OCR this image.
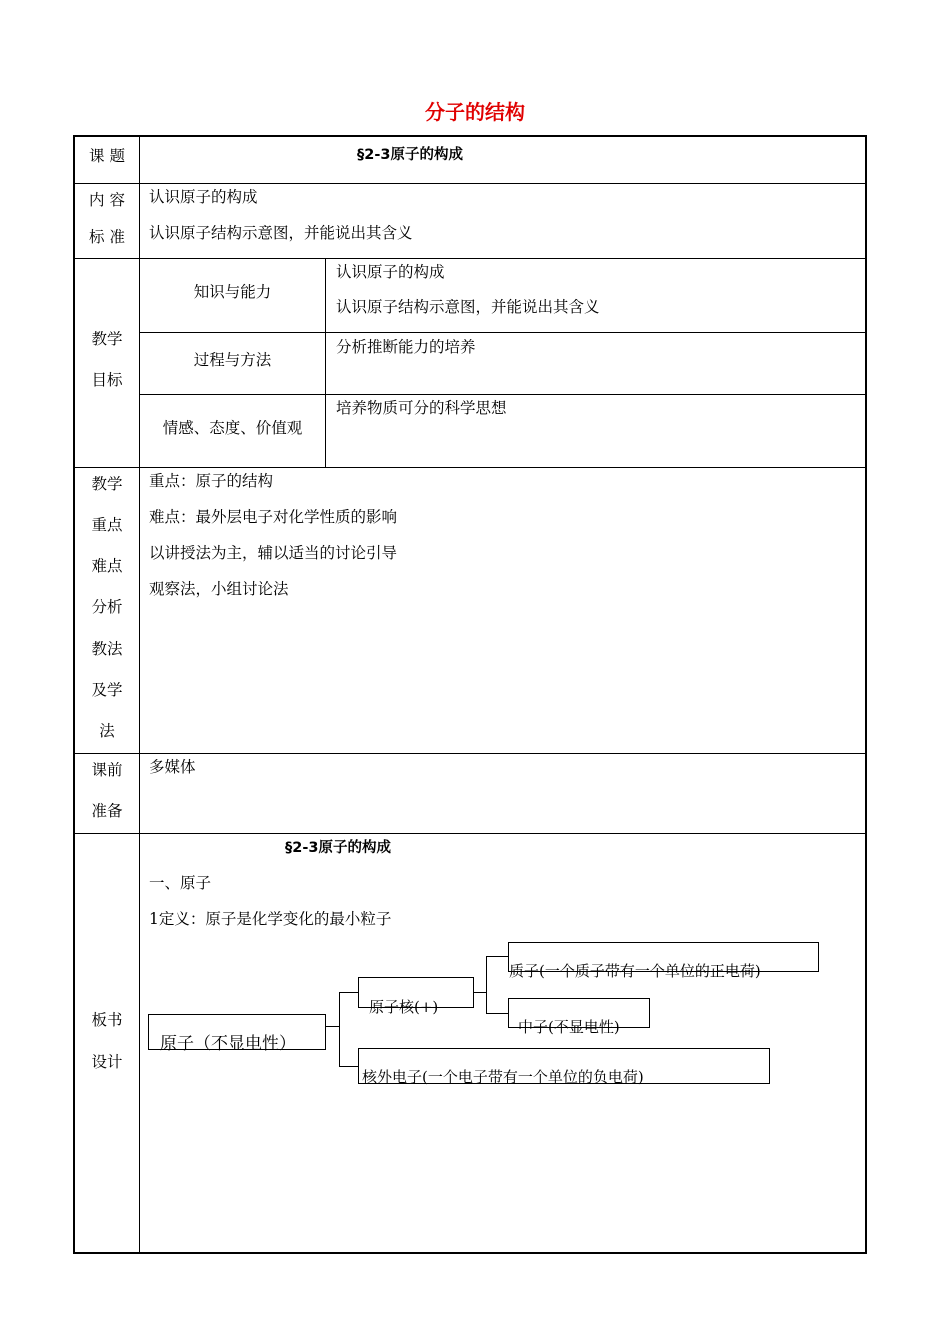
分子的结构
课 题	§2-3原子的构成
内 容
标 准
认识原子的构成
认识原子结构示意图，并能说出其含义
教学
目标
知识与能力
认识原子的构成
认识原子结构示意图，并能说出其含义
过程与方法
分析推断能力的培养
情感、态度、价值观
培养物质可分的科学思想
教学
重点
难点
分析
教法
及学
法
重点：原子的结构
难点：最外层电子对化学性质的影响
以讲授法为主，辅以适当的讨论引导
观察法，小组讨论法
课前
准备
多媒体
板书
设计
§2-3原子的构成
一、原子
1定义：原子是化学变化的最小粒子
原子（不显电性）
原子核(+)
质子(一个质子带有一个单位的正电荷)
中子(不显电性)
核外电子(一个电子带有一个单位的负电荷)
